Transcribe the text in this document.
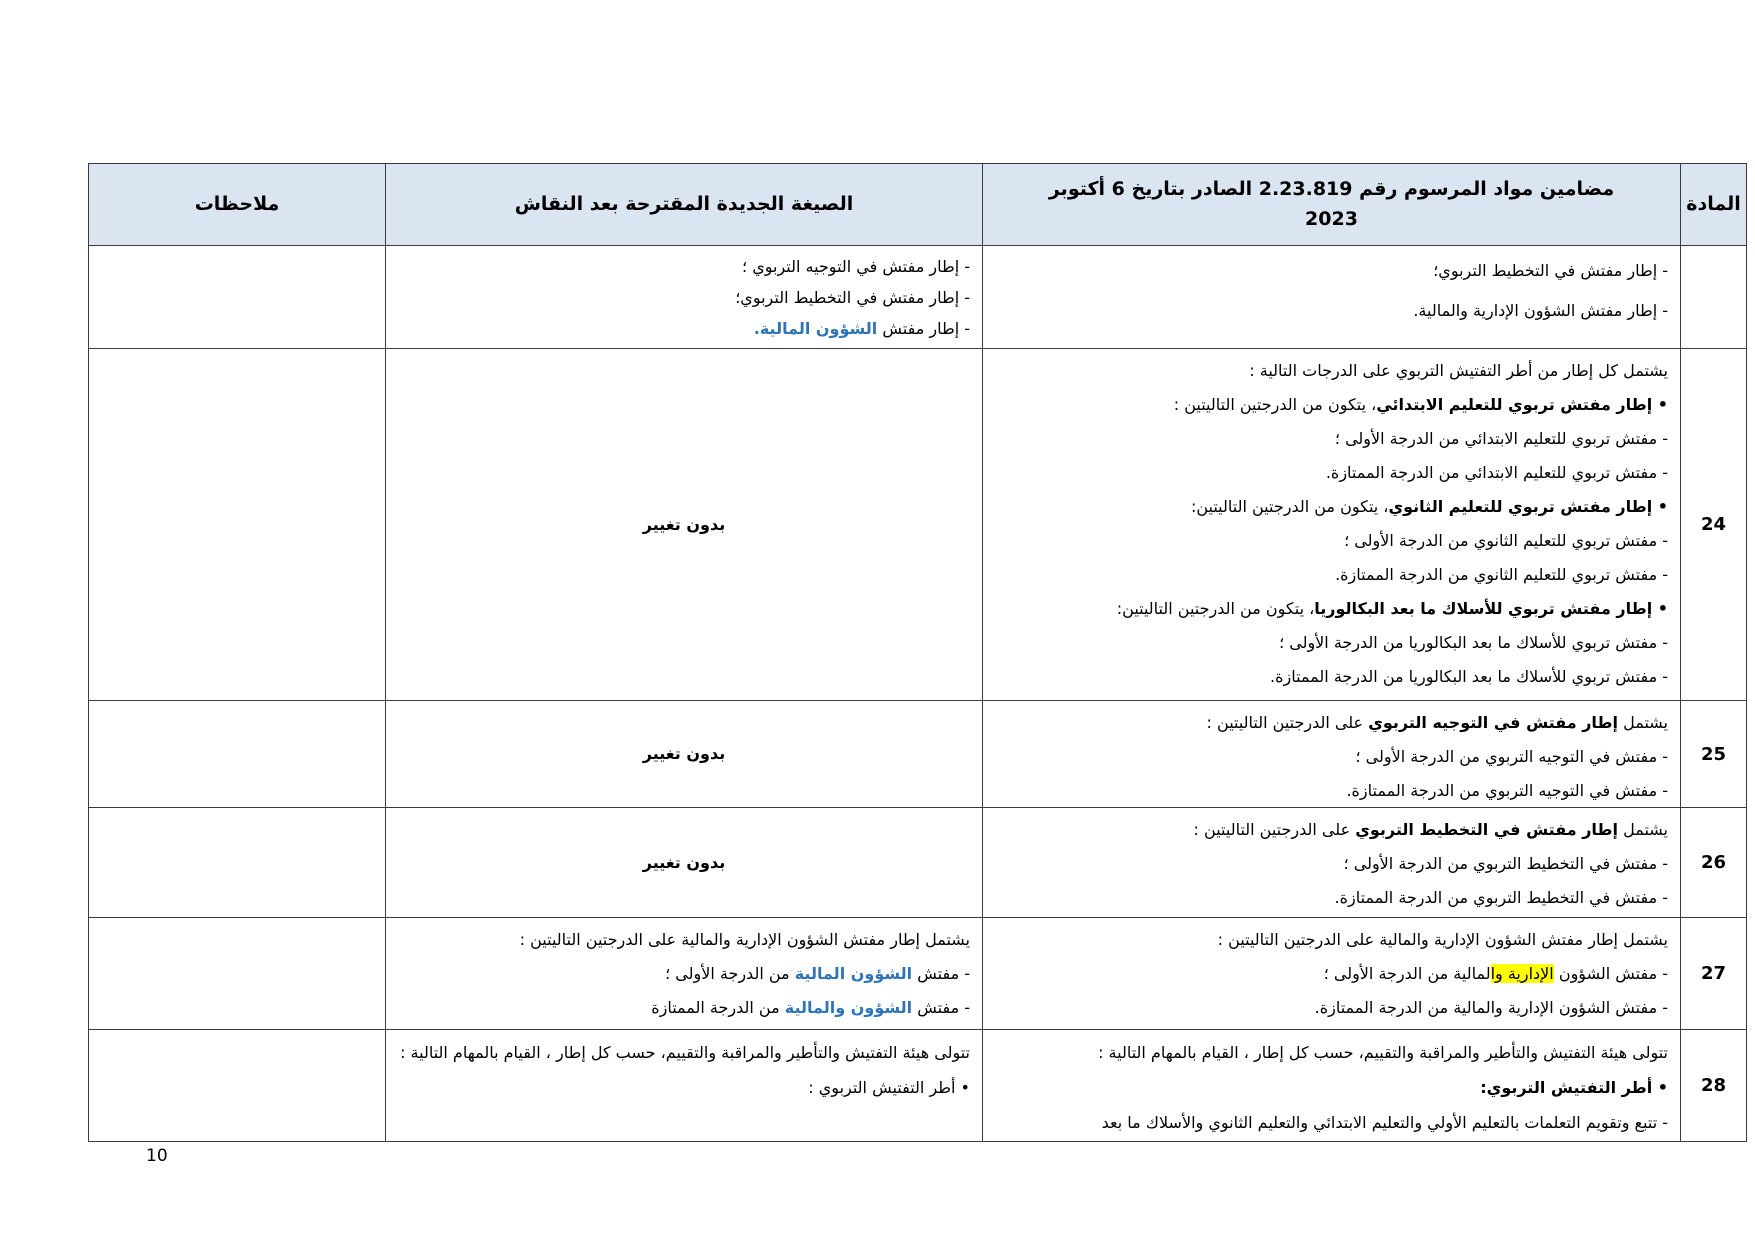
المادة
مضامين مواد المرسوم رقم 2.23.819 الصادر بتاريخ 6 أكتوبر 2023
الصيغة الجديدة المقترحة بعد النقاش
ملاحظات
- إطار مفتش في التخطيط التربوي؛
- إطار مفتش الشؤون الإدارية والمالية.
- إطار مفتش في التوجيه التربوي ؛
- إطار مفتش في التخطيط التربوي؛
- إطار مفتش الشؤون المالية.
24
يشتمل كل إطار من أطر التفتيش التربوي على الدرجات التالية :
• إطار مفتش تربوي للتعليم الابتدائي، يتكون من الدرجتين التاليتين :
- مفتش تربوي للتعليم الابتدائي من الدرجة الأولى ؛
- مفتش تربوي للتعليم الابتدائي من الدرجة الممتازة.
• إطار مفتش تربوي للتعليم الثانوي، يتكون من الدرجتين التاليتين:
- مفتش تربوي للتعليم الثانوي من الدرجة الأولى ؛
- مفتش تربوي للتعليم الثانوي من الدرجة الممتازة.
• إطار مفتش تربوي للأسلاك ما بعد البكالوريا، يتكون من الدرجتين التاليتين:
- مفتش تربوي للأسلاك ما بعد البكالوريا من الدرجة الأولى ؛
- مفتش تربوي للأسلاك ما بعد البكالوريا من الدرجة الممتازة.
بدون تغيير
25
يشتمل إطار مفتش في التوجيه التربوي على الدرجتين التاليتين :
- مفتش في التوجيه التربوي من الدرجة الأولى ؛
- مفتش في التوجيه التربوي من الدرجة الممتازة.
بدون تغيير
26
يشتمل إطار مفتش في التخطيط التربوي على الدرجتين التاليتين :
- مفتش في التخطيط التربوي من الدرجة الأولى ؛
- مفتش في التخطيط التربوي من الدرجة الممتازة.
بدون تغيير
27
يشتمل إطار مفتش الشؤون الإدارية والمالية على الدرجتين التاليتين :
- مفتش الشؤون الإدارية والمالية من الدرجة الأولى ؛
- مفتش الشؤون الإدارية والمالية من الدرجة الممتازة.
يشتمل إطار مفتش الشؤون الإدارية والمالية على الدرجتين التاليتين :
- مفتش الشؤون المالية من الدرجة الأولى ؛
- مفتش الشؤون والمالية من الدرجة الممتازة
28
تتولى هيئة التفتيش والتأطير والمراقبة والتقييم، حسب كل إطار ، القيام بالمهام التالية :
• أطر التفتيش التربوي:
- تتبع وتقويم التعلمات بالتعليم الأولي والتعليم الابتدائي والتعليم الثانوي والأسلاك ما بعد
تتولى هيئة التفتيش والتأطير والمراقبة والتقييم، حسب كل إطار ، القيام بالمهام التالية :
• أطر التفتيش التربوي :
10
